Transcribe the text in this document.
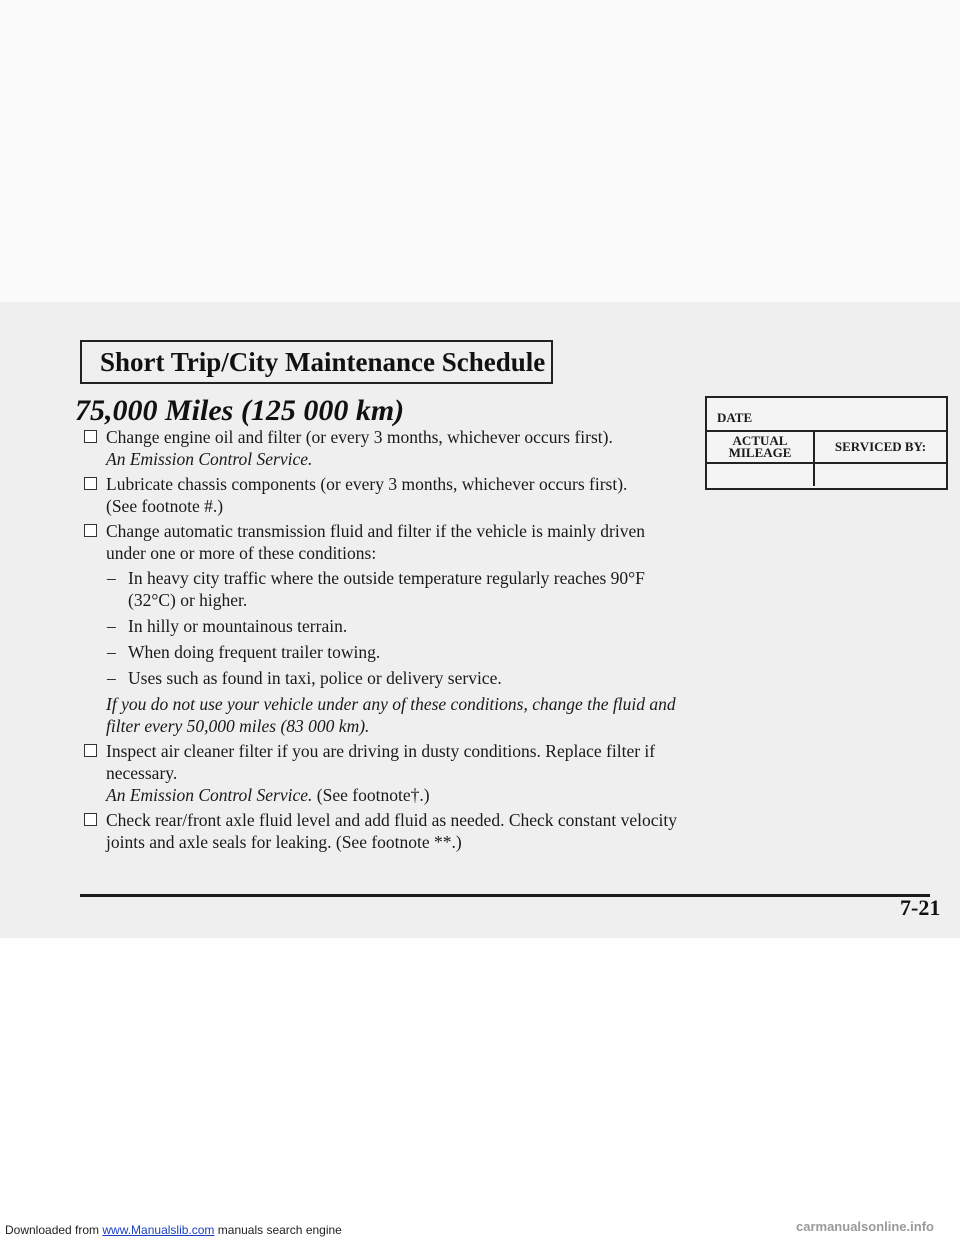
Short Trip/City Maintenance Schedule
75,000 Miles (125 000 km)
Change engine oil and filter (or every 3 months, whichever occurs first).
An Emission Control Service.
Lubricate chassis components (or every 3 months, whichever occurs first).
(See footnote #.)
Change automatic transmission fluid and filter if the vehicle is mainly driven under one or more of these conditions:
– In heavy city traffic where the outside temperature regularly reaches 90°F (32°C) or higher.
– In hilly or mountainous terrain.
– When doing frequent trailer towing.
– Uses such as found in taxi, police or delivery service.
If you do not use your vehicle under any of these conditions, change the fluid and filter every 50,000 miles (83 000 km).
Inspect air cleaner filter if you are driving in dusty conditions. Replace filter if necessary.
An Emission Control Service. (See footnote†.)
Check rear/front axle fluid level and add fluid as needed. Check constant velocity joints and axle seals for leaking. (See footnote **.)
DATE
ACTUAL MILEAGE	SERVICED BY:
7-21
Downloaded from www.Manualslib.com manuals search engine	carmanualsonline.info
